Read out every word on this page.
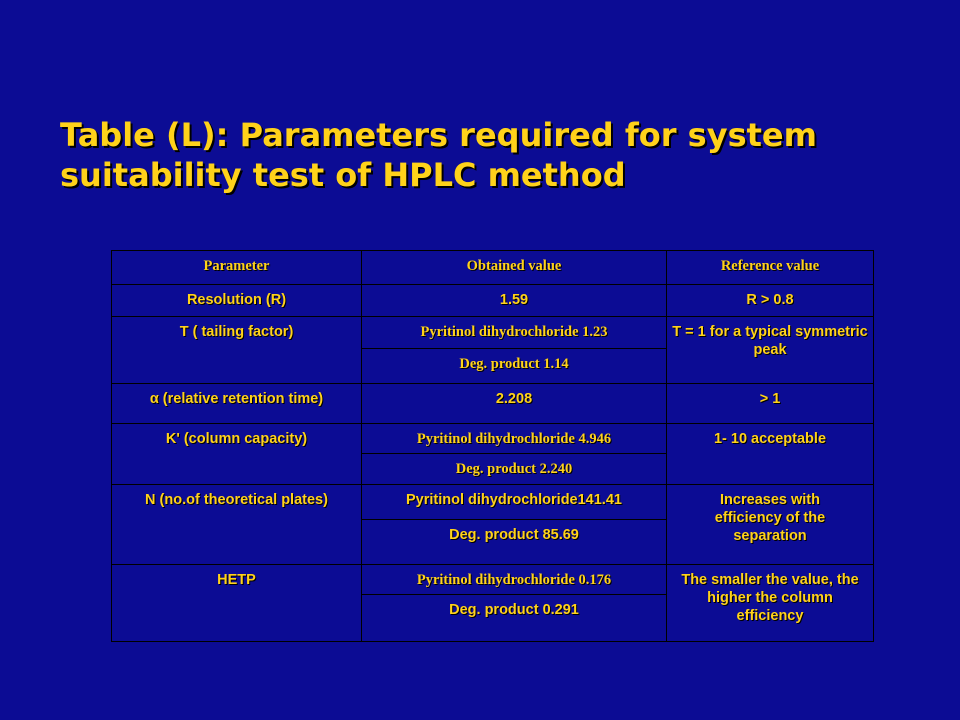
Table (L): Parameters required for system
suitability test of HPLC method
Parameter	Obtained value	Reference value
Resolution (R)	1.59	R > 0.8
T ( tailing factor)	Pyritinol dihydrochloride 1.23	T = 1 for a typical symmetric peak
	Deg. product 1.14	
α (relative retention time)	2.208	> 1
K' (column capacity)	Pyritinol dihydrochloride 4.946	1- 10 acceptable
	Deg. product 2.240	
N (no.of theoretical plates)	Pyritinol dihydrochloride141.41	Increases with efficiency of the separation
	Deg. product 85.69	
HETP	Pyritinol dihydrochloride 0.176	The smaller the value, the higher the column efficiency
	Deg. product 0.291	
